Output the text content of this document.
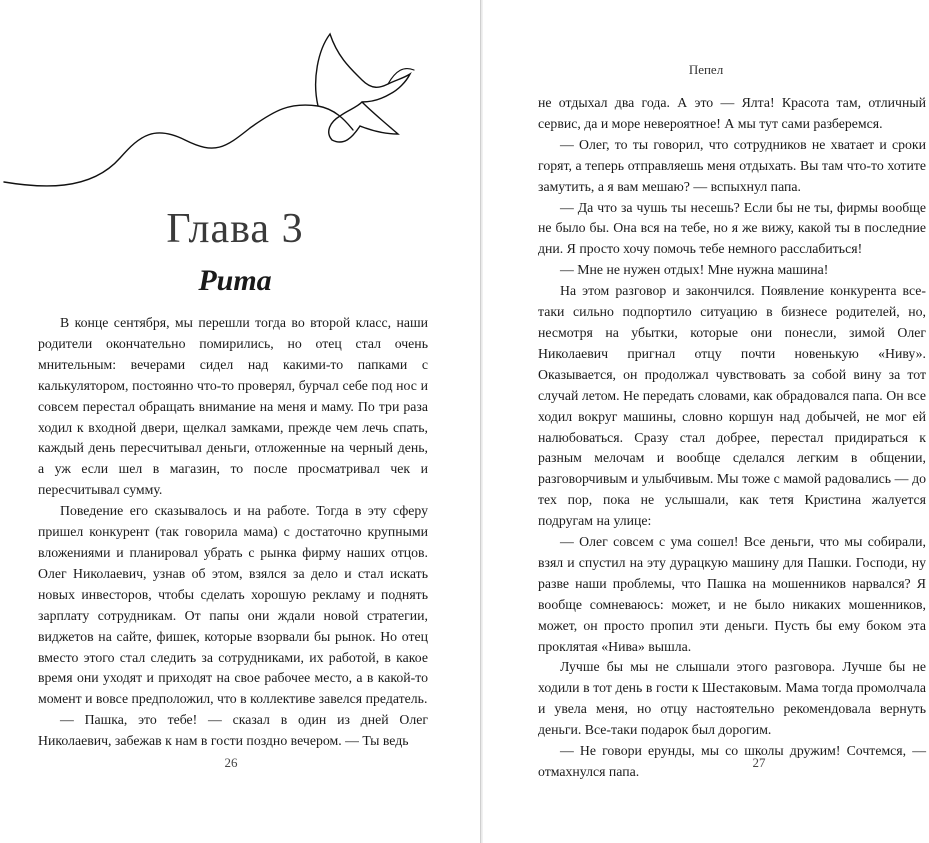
Глава 3
Рита

В конце сентября, мы перешли тогда во второй класс, наши родители окончательно помирились, но отец стал очень мнительным: вечерами сидел над какими-то папками с калькулятором, постоянно что-то проверял, бурчал себе под нос и совсем перестал обращать внимание на меня и маму. По три раза ходил к входной двери, щелкал замками, прежде чем лечь спать, каждый день пересчитывал деньги, отложенные на черный день, а уж если шел в магазин, то после просматривал чек и пересчитывал сумму.

Поведение его сказывалось и на работе. Тогда в эту сферу пришел конкурент (так говорила мама) с достаточно крупными вложениями и планировал убрать с рынка фирму наших отцов. Олег Николаевич, узнав об этом, взялся за дело и стал искать новых инвесторов, чтобы сделать хорошую рекламу и поднять зарплату сотрудникам. От папы они ждали новой стратегии, виджетов на сайте, фишек, которые взорвали бы рынок. Но отец вместо этого стал следить за сотрудниками, их работой, в какое время они уходят и приходят на свое рабочее место, а в какой-то момент и вовсе предположил, что в коллективе завелся предатель.

— Пашка, это тебе! — сказал в один из дней Олег Николаевич, забежав к нам в гости поздно вечером. — Ты ведь

26
Пепел

не отдыхал два года. А это — Ялта! Красота там, отличный сервис, да и море невероятное! А мы тут сами разберемся.

— Олег, то ты говорил, что сотрудников не хватает и сроки горят, а теперь отправляешь меня отдыхать. Вы там что-то хотите замутить, а я вам мешаю? — вспыхнул папа.

— Да что за чушь ты несешь? Если бы не ты, фирмы вообще не было бы. Она вся на тебе, но я же вижу, какой ты в последние дни. Я просто хочу помочь тебе немного расслабиться!

— Мне не нужен отдых! Мне нужна машина!

На этом разговор и закончился. Появление конкурента все-таки сильно подпортило ситуацию в бизнесе родителей, но, несмотря на убытки, которые они понесли, зимой Олег Николаевич пригнал отцу почти новенькую «Ниву». Оказывается, он продолжал чувствовать за собой вину за тот случай летом. Не передать словами, как обрадовался папа. Он все ходил вокруг машины, словно коршун над добычей, не мог ей налюбоваться. Сразу стал добрее, перестал придираться к разным мелочам и вообще сделался легким в общении, разговорчивым и улыбчивым. Мы тоже с мамой радовались — до тех пор, пока не услышали, как тетя Кристина жалуется подругам на улице:

— Олег совсем с ума сошел! Все деньги, что мы собирали, взял и спустил на эту дурацкую машину для Пашки. Господи, ну разве наши проблемы, что Пашка на мошенников нарвался? Я вообще сомневаюсь: может, и не было никаких мошенников, может, он просто пропил эти деньги. Пусть бы ему боком эта проклятая «Нива» вышла.

Лучше бы мы не слышали этого разговора. Лучше бы не ходили в тот день в гости к Шестаковым. Мама тогда промолчала и увела меня, но отцу настоятельно рекомендовала вернуть деньги. Все-таки подарок был дорогим.

— Не говори ерунды, мы со школы дружим! Сочтемся, — отмахнулся папа.

27
